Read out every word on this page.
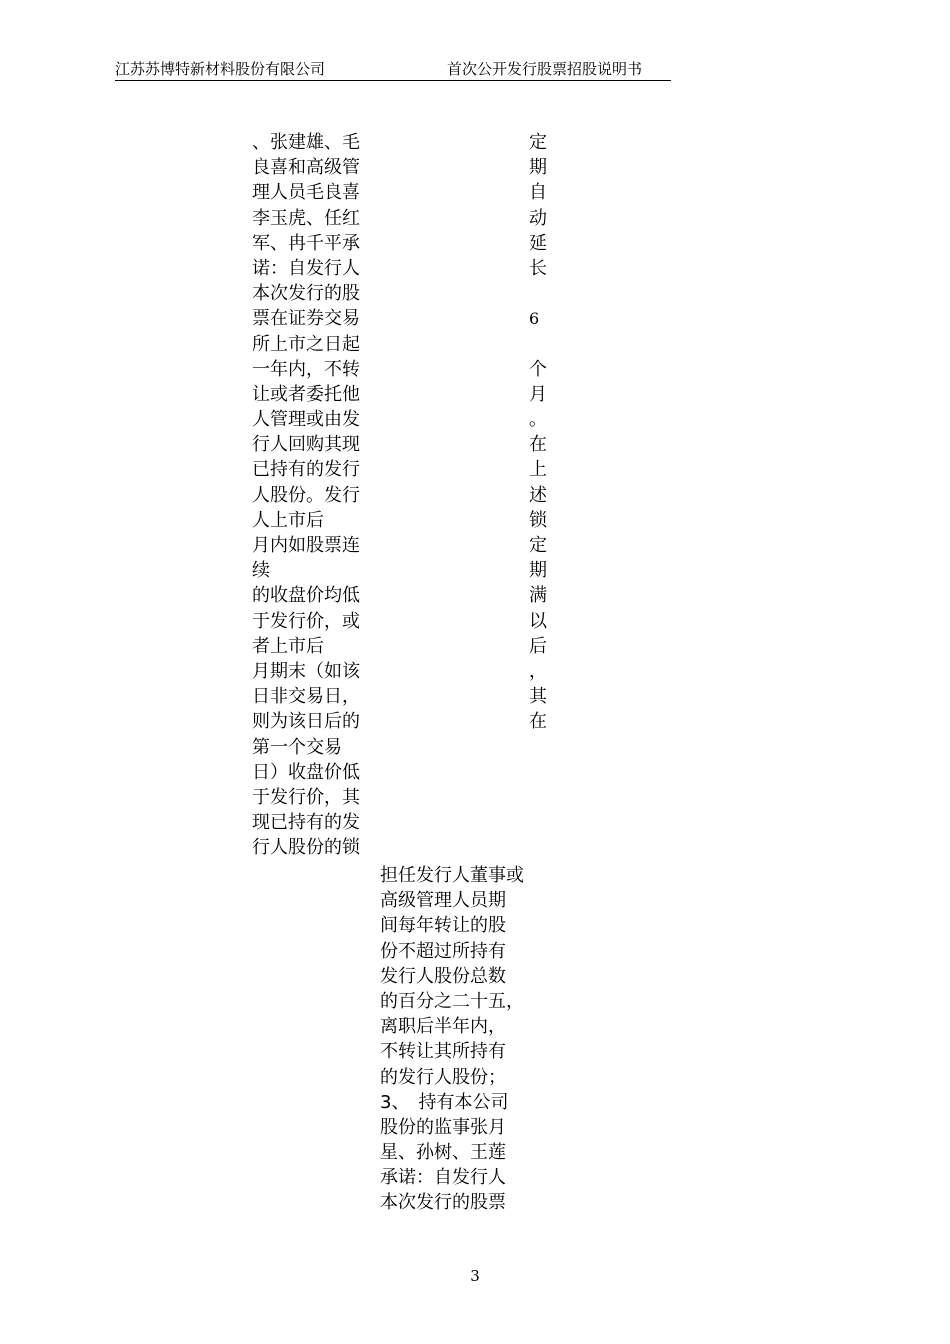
江苏苏博特新材料股份有限公司	首次公开发行股票招股说明书
、张建雄、毛
良喜和高级管
理人员毛良喜
李玉虎、任红
军、冉千平承
诺：自发行人
本次发行的股
票在证券交易
所上市之日起
一年内，不转
让或者委托他
人管理或由发
行人回购其现
已持有的发行
人股份。发行
人上市后
月内如股票连
续
的收盘价均低
于发行价，或
者上市后
月期末（如该
日非交易日，
则为该日后的
第一个交易
日）收盘价低
于发行价，其
现已持有的发
行人股份的锁
定
期
自
动
延
长
6
个
月
。
在
上
述
锁
定
期
满
以
后
，
其
在
担任发行人董事或
高级管理人员期
间每年转让的股
份不超过所持有
发行人股份总数
的百分之二十五，
离职后半年内，
不转让其所持有
的发行人股份；
3、　持有本公司
股份的监事张月
星、孙树、王莲
承诺：自发行人
本次发行的股票
3
